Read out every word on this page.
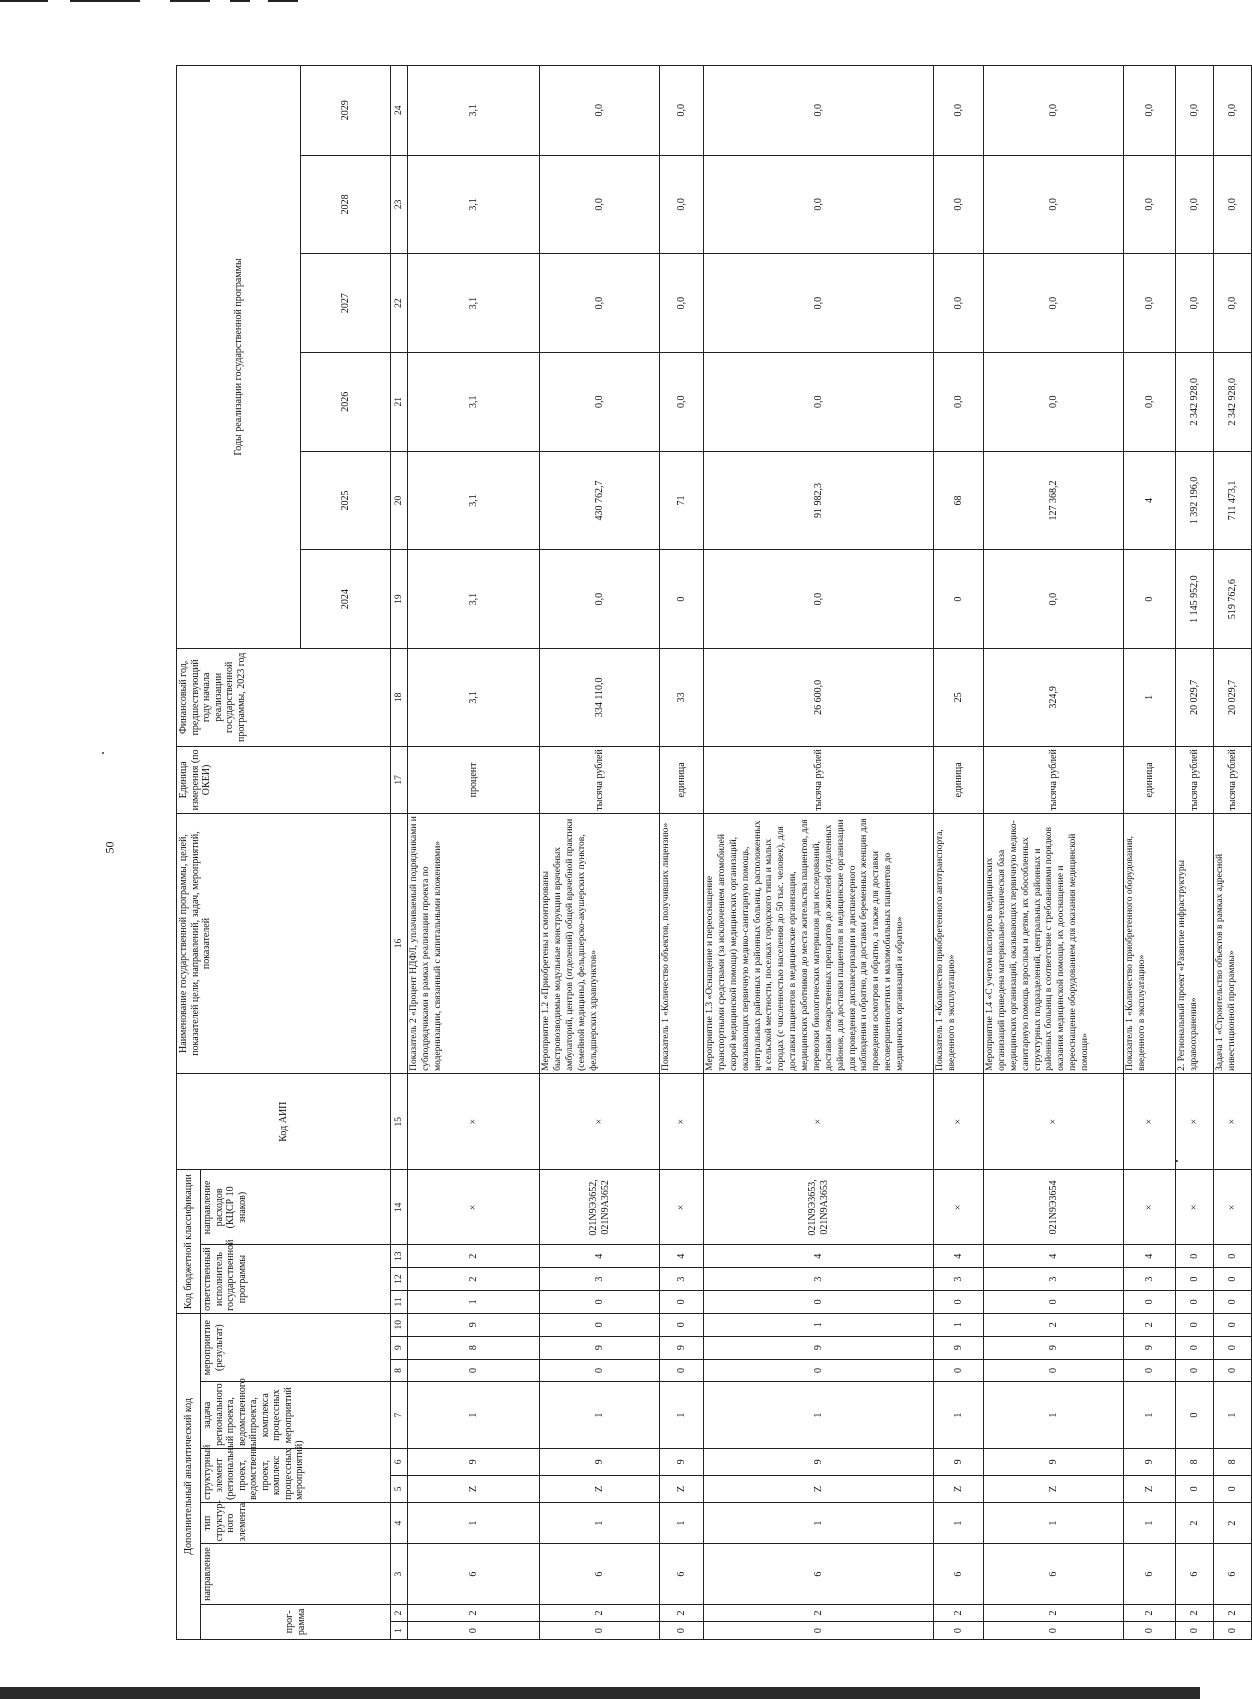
50
Дополнительный аналитический код										Код бюджетной классификации				Код АИП	Наименование государственной программы, целей, показателей цели, направлений, задач, мероприятий, показателей	Единица измерения (по ОКЕИ)	Финансовый год, предшествующий году начала реализации государственной программы, 2023 год	Годы реализации государственной программы					
прог-рамма		направление	тип структур-ного элемента	структурный элемент (региональный проект, ведомственный проект, комплекс процессных мероприятий)		задача регионального проекта, ведомственного проекта, комплекса процессных мероприятий	мероприятие (результат)			ответственный исполнитель государственной программы			направление расходов (КЦСР 10 знаков)										
																		2024	2025	2026	2027	2028	2029
1	2	3	4	5	6	7	8	9	10	11	12	13	14	15	16	17	18	19	20	21	22	23	24
0	2	6	1	Z	9	1	0	8	9	1	2	2	×	×	Показатель 2 «Процент НДФЛ, уплачиваемый подрядчиками и субподрядчиками в рамках реализации проекта по модернизации, связанный с капитальными вложениями»	процент	3,1	3,1	3,1	3,1	3,1	3,1	3,1
0	2	6	1	Z	9	1	0	9	0	0	3	4	021N9Э3652, 021N9А3652	×	Мероприятие 1.2 «Приобретены и смонтированы быстровозводимые модульные конструкции врачебных амбулаторий, центров (отделений) общей врачебной практики (семейной медицины), фельдшерско-акушерских пунктов, фельдшерских здравпунктов»	тысяча рублей	334 110,0	0,0	430 762,7	0,0	0,0	0,0	0,0
0	2	6	1	Z	9	1	0	9	0	0	3	4	×	×	Показатель 1 «Количество объектов, получивших лицензию»	единица	33	0	71	0,0	0,0	0,0	0,0
0	2	6	1	Z	9	1	0	9	1	0	3	4	021N9Э3653, 021N9А3653	×	Мероприятие 1.3 «Оснащение и переоснащение транспортными средствами (за исключением автомобилей скорой медицинской помощи) медицинских организаций, оказывающих первичную медико-санитарную помощь, центральных районных и районных больниц, расположенных в сельской местности, поселках городского типа и малых городах (с численностью населения до 50 тыс. человек), для доставки пациентов в медицинские организации, медицинских работников до места жительства пациентов, для перевозки биологических материалов для исследований, доставки лекарственных препаратов до жителей отдаленных районов, для доставки пациентов в медицинские организации для проведения диспансеризации и диспансерного наблюдения и обратно, для доставки беременных женщин для проведения осмотров и обратно, а также для доставки несовершеннолетних и маломобильных пациентов до медицинских организаций и обратно»	тысяча рублей	26 600,0	0,0	91 982,3	0,0	0,0	0,0	0,0
0	2	6	1	Z	9	1	0	9	1	0	3	4	×	×	Показатель 1 «Количество приобретенного автотранспорта, введенного в эксплуатацию»	единица	25	0	68	0,0	0,0	0,0	0,0
0	2	6	1	Z	9	1	0	9	2	0	3	4	021N9Э3654	×	Мероприятие 1.4 «С учетом паспортов медицинских организаций приведена материально-техническая база медицинских организаций, оказывающих первичную медико-санитарную помощь взрослым и детям, их обособленных структурных подразделений, центральных районных и районных больниц в соответствие с требованиями порядков оказания медицинской помощи, их дооснащение и переоснащение оборудованием для оказания медицинской помощи»	тысяча рублей	324,9	0,0	127 368,2	0,0	0,0	0,0	0,0
0	2	6	1	Z	9	1	0	9	2	0	3	4	×	×	Показатель 1 «Количество приобретенного оборудования, введенного в эксплуатацию»	единица	1	0	4	0,0	0,0	0,0	0,0
0	2	6	2	0	8	0	0	0	0	0	0	0	×	×	2. Региональный проект «Развитие инфраструктуры здравоохранения»	тысяча рублей	20 029,7	1 145 952,0	1 392 196,0	2 342 928,0	0,0	0,0	0,0
0	2	6	2	0	8	1	0	0	0	0	0	0	×	×	Задача 1 «Строительство объектов в рамках адресной инвестиционной программы»	тысяча рублей	20 029,7	519 762,6	711 473,1	2 342 928,0	0,0	0,0	0,0
